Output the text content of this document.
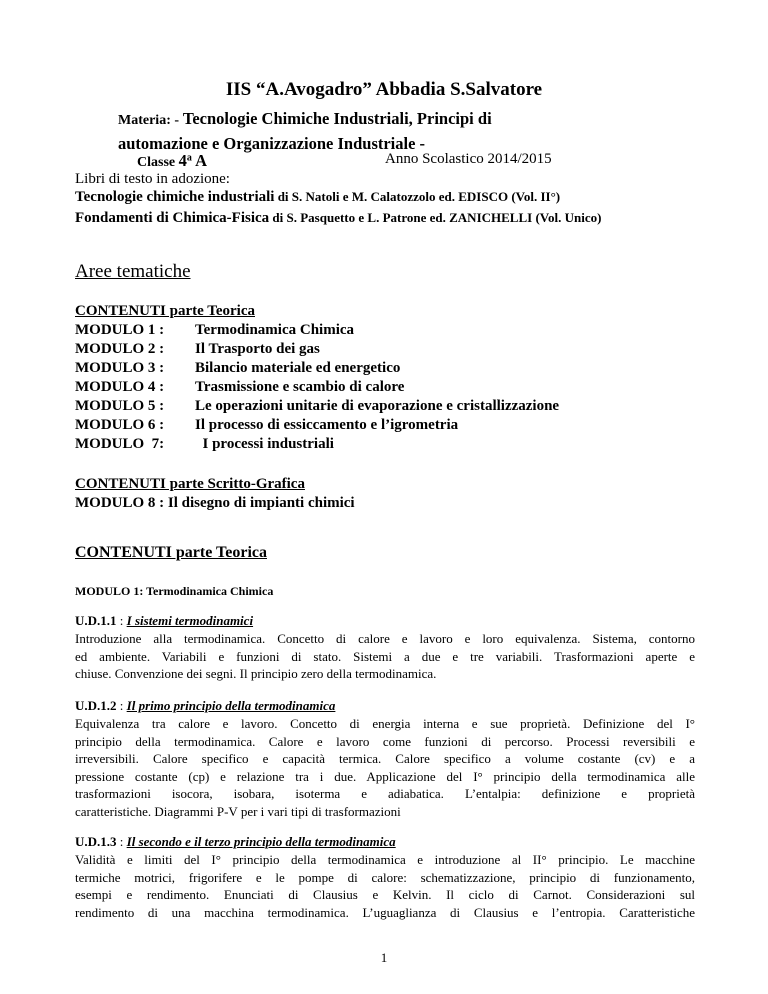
IIS “A.Avogadro” Abbadia S.Salvatore
Materia: - Tecnologie Chimiche Industriali, Principi di
automazione e Organizzazione Industriale -
Classe 4$^a$ A	Anno Scolastico 2014/2015
Libri di testo in adozione:
Tecnologie chimiche industriali di S. Natoli e M. Calatozzolo ed. EDISCO (Vol. II°)
Fondamenti di Chimica-Fisica di S. Pasquetto e L. Patrone ed. ZANICHELLI (Vol. Unico)
Aree tematiche
CONTENUTI parte Teorica
MODULO 1 : Termodinamica Chimica
MODULO 2 : Il Trasporto dei gas
MODULO 3 : Bilancio materiale ed energetico
MODULO 4 : Trasmissione e scambio di calore
MODULO 5 : Le operazioni unitarie di evaporazione e cristallizzazione
MODULO 6 : Il processo di essiccamento e l’igrometria
MODULO  7:  I processi industriali
CONTENUTI parte Scritto-Grafica
MODULO 8 : Il disegno di impianti chimici
CONTENUTI parte Teorica
MODULO 1: Termodinamica Chimica
U.D.1.1 : I sistemi termodinamici
Introduzione alla termodinamica. Concetto di calore e lavoro e loro equivalenza. Sistema, contorno
ed ambiente. Variabili e funzioni di stato. Sistemi a due e tre variabili. Trasformazioni aperte e
chiuse. Convenzione dei segni. Il principio zero della termodinamica.
U.D.1.2 : Il primo principio della termodinamica
Equivalenza tra calore e lavoro. Concetto di energia interna e sue proprietà. Definizione del I°
principio della termodinamica. Calore e lavoro come funzioni di percorso. Processi reversibili e
irreversibili. Calore specifico e capacità termica. Calore specifico a volume costante (cv) e a
pressione costante (cp) e relazione tra i due. Applicazione del I° principio della termodinamica alle
trasformazioni isocora, isobara, isoterma e adiabatica. L’entalpia: definizione e proprietà
caratteristiche. Diagrammi P-V per i vari tipi di trasformazioni
U.D.1.3 : Il secondo e il terzo principio della termodinamica
Validità e limiti del I° principio della termodinamica e introduzione al II° principio. Le macchine
termiche motrici, frigorifere e le pompe di calore: schematizzazione, principio di funzionamento,
esempi e rendimento. Enunciati di Clausius e Kelvin. Il ciclo di Carnot. Considerazioni sul
rendimento di una macchina termodinamica. L’uguaglianza di Clausius e l’entropia. Caratteristiche
1
